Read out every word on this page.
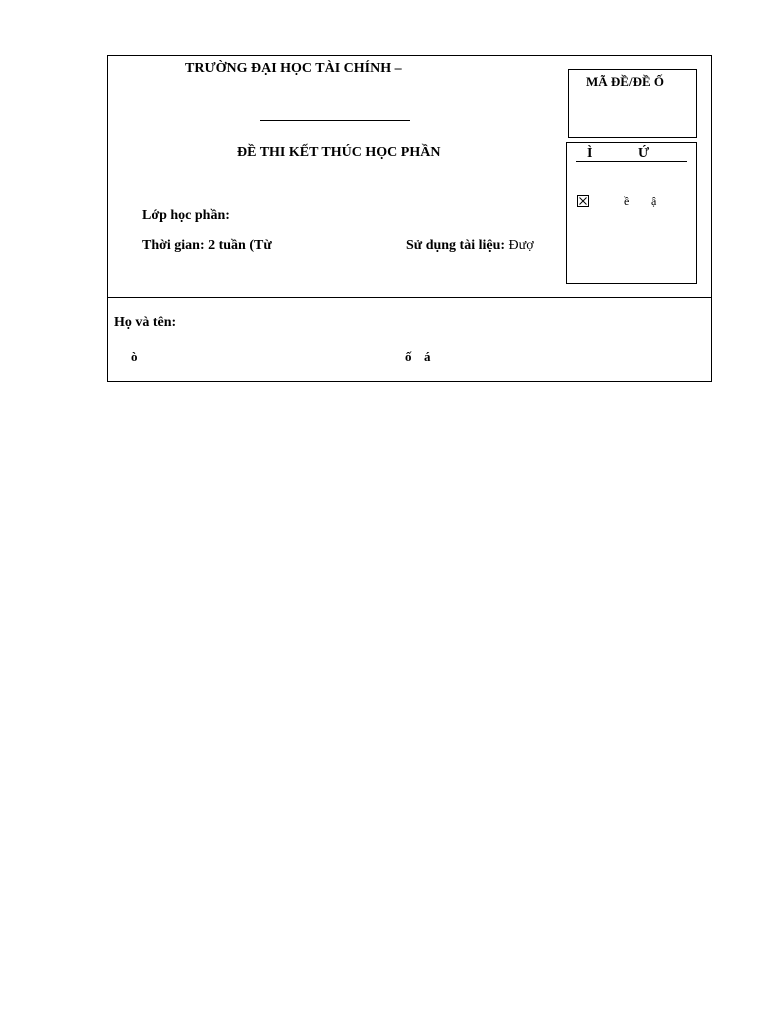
TRƯỜNG ĐẠI HỌC TÀI CHÍNH –
ĐỀ THI KẾT THÚC HỌC PHẦN
Lớp học phần:
Thời gian: 2 tuần (Từ	Sử dụng tài liệu: Đượ
MÃ ĐỀ/ĐỀ Ố
Ì	Ứ
ề ậ
Họ và tên:
ò	ố á
